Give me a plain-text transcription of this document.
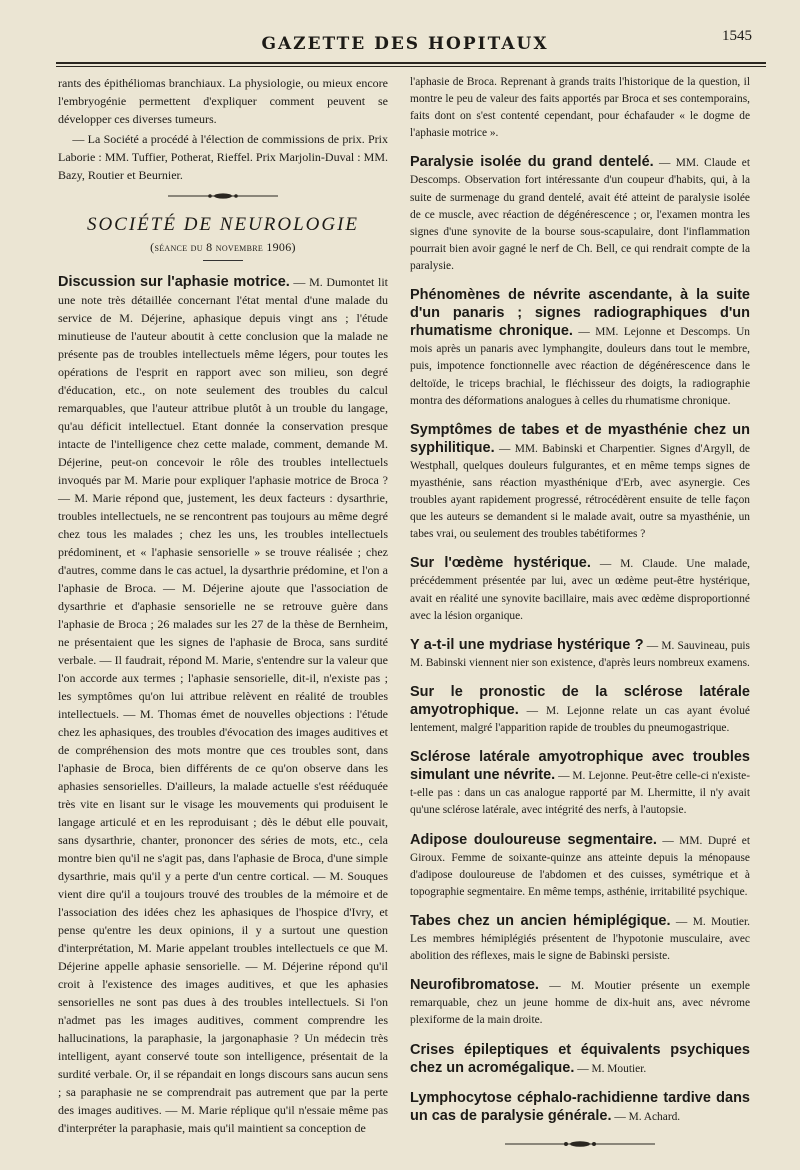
GAZETTE DES HOPITAUX	1545

rants des épithéliomas branchiaux. La physiologie, ou mieux encore l'embryogénie permettent d'expliquer comment peuvent se développer ces diverses tumeurs.

— La Société a procédé à l'élection de commissions de prix. Prix Laborie : MM. Tuffier, Potherat, Rieffel. Prix Marjolin-Duval : MM. Bazy, Routier et Beurnier.

SOCIÉTÉ DE NEUROLOGIE
(séance du 8 novembre 1906)

Discussion sur l'aphasie motrice. — M. Dumontet lit une note très détaillée concernant l'état mental d'une malade du service de M. Déjerine, aphasique depuis vingt ans ; l'étude minutieuse de l'auteur aboutit à cette conclusion que la malade ne présente pas de troubles intellectuels même légers, pour toutes les opérations de l'esprit en rapport avec son milieu, son degré d'éducation, etc., on note seulement des troubles du calcul remarquables, que l'auteur attribue plutôt à un trouble du langage, qu'au déficit intellectuel. Etant donnée la conservation presque intacte de l'intelligence chez cette malade, comment, demande M. Déjerine, peut-on concevoir le rôle des troubles intellectuels invoqués par M. Marie pour expliquer l'aphasie motrice de Broca ? — M. Marie répond que, justement, les deux facteurs : dysarthrie, troubles intellectuels, ne se rencontrent pas toujours au même degré chez tous les malades ; chez les uns, les troubles intellectuels prédominent, et « l'aphasie sensorielle » se trouve réalisée ; chez d'autres, comme dans le cas actuel, la dysarthrie prédomine, et l'on a l'aphasie de Broca. — M. Déjerine ajoute que l'association de dysarthrie et d'aphasie sensorielle ne se retrouve guère dans l'aphasie de Broca ; 26 malades sur les 27 de la thèse de Bernheim, ne présentaient que les signes de l'aphasie de Broca, sans surdité verbale. — Il faudrait, répond M. Marie, s'entendre sur la valeur que l'on accorde aux termes ; l'aphasie sensorielle, dit-il, n'existe pas ; les symptômes qu'on lui attribue relèvent en réalité de troubles intellectuels. — M. Thomas émet de nouvelles objections : l'étude chez les aphasiques, des troubles d'évocation des images auditives et de compréhension des mots montre que ces troubles sont, dans l'aphasie de Broca, bien différents de ce qu'on observe dans les aphasies sensorielles. D'ailleurs, la malade actuelle s'est rééduquée très vite en lisant sur le visage les mouvements qui produisent le langage articulé et en les reproduisant ; dès le début elle pouvait, sans dysarthrie, chanter, prononcer des séries de mots, etc., cela montre bien qu'il ne s'agit pas, dans l'aphasie de Broca, d'une simple dysarthrie, mais qu'il y a perte d'un centre cortical. — M. Souques vient dire qu'il a toujours trouvé des troubles de la mémoire et de l'association des idées chez les aphasiques de l'hospice d'Ivry, et pense qu'entre les deux opinions, il y a surtout une question d'interprétation, M. Marie appelant troubles intellectuels ce que M. Déjerine appelle aphasie sensorielle. — M. Déjerine répond qu'il croit à l'existence des images auditives, et que les aphasies sensorielles ne sont pas dues à des troubles intellectuels. Si l'on n'admet pas les images auditives, comment comprendre les hallucinations, la paraphasie, la jargonaphasie ? Un médecin très intelligent, ayant conservé toute son intelligence, présentait de la surdité verbale. Or, il se répandait en longs discours sans aucun sens ; sa paraphasie ne se comprendrait pas autrement que par la perte des images auditives. — M. Marie réplique qu'il n'essaie même pas d'interpréter la paraphasie, mais qu'il maintient sa conception de

l'aphasie de Broca. Reprenant à grands traits l'historique de la question, il montre le peu de valeur des faits apportés par Broca et ses contemporains, faits dont on s'est contenté cependant, pour échafauder « le dogme de l'aphasie motrice ».

Paralysie isolée du grand dentelé. — MM. Claude et Descomps. Observation fort intéressante d'un coupeur d'habits, qui, à la suite de surmenage du grand dentelé, avait été atteint de paralysie isolée de ce muscle, avec réaction de dégénérescence ; or, l'examen montra les signes d'une synovite de la bourse sous-scapulaire, dont l'inflammation pourrait bien avoir gagné le nerf de Ch. Bell, ce qui rendrait compte de la paralysie.

Phénomènes de névrite ascendante, à la suite d'un panaris ; signes radiographiques d'un rhumatisme chronique. — MM. Lejonne et Descomps. Un mois après un panaris avec lymphangite, douleurs dans tout le membre, puis, impotence fonctionnelle avec réaction de dégénérescence dans le deltoïde, le triceps brachial, le fléchisseur des doigts, la radiographie montra des déformations analogues à celles du rhumatisme chronique.

Symptômes de tabes et de myasthénie chez un syphilitique. — MM. Babinski et Charpentier. Signes d'Argyll, de Westphall, quelques douleurs fulgurantes, et en même temps signes de myasthénie, sans réaction myasthénique d'Erb, avec asynergie. Ces troubles ayant rapidement progressé, rétrocédèrent ensuite de telle façon que les auteurs se demandent si le malade avait, outre sa myasthénie, un tabes vrai, ou seulement des troubles tabétiformes ?

Sur l'œdème hystérique. — M. Claude. Une malade, précédemment présentée par lui, avec un œdème peut-être hystérique, avait en réalité une synovite bacillaire, mais avec œdème disproportionné avec la lésion organique.

Y a-t-il une mydriase hystérique ? — M. Sauvineau, puis M. Babinski viennent nier son existence, d'après leurs nombreux examens.

Sur le pronostic de la sclérose latérale amyotrophique. — M. Lejonne relate un cas ayant évolué lentement, malgré l'apparition rapide de troubles du pneumogastrique.

Sclérose latérale amyotrophique avec troubles simulant une névrite. — M. Lejonne. Peut-être celle-ci n'existe-t-elle pas : dans un cas analogue rapporté par M. Lhermitte, il n'y avait qu'une sclérose latérale, avec intégrité des nerfs, à l'autopsie.

Adipose douloureuse segmentaire. — MM. Dupré et Giroux. Femme de soixante-quinze ans atteinte depuis la ménopause d'adipose douloureuse de l'abdomen et des cuisses, symétrique et à topographie segmentaire. En même temps, asthénie, irritabilité psychique.

Tabes chez un ancien hémiplégique. — M. Moutier. Les membres hémiplégiés présentent de l'hypotonie musculaire, avec abolition des réflexes, mais le signe de Babinski persiste.

Neurofibromatose. — M. Moutier présente un exemple remarquable, chez un jeune homme de dix-huit ans, avec névrome plexiforme de la main droite.

Crises épileptiques et équivalents psychiques chez un acromégalique. — M. Moutier.

Lymphocytose céphalo-rachidienne tardive dans un cas de paralysie générale. — M. Achard.
